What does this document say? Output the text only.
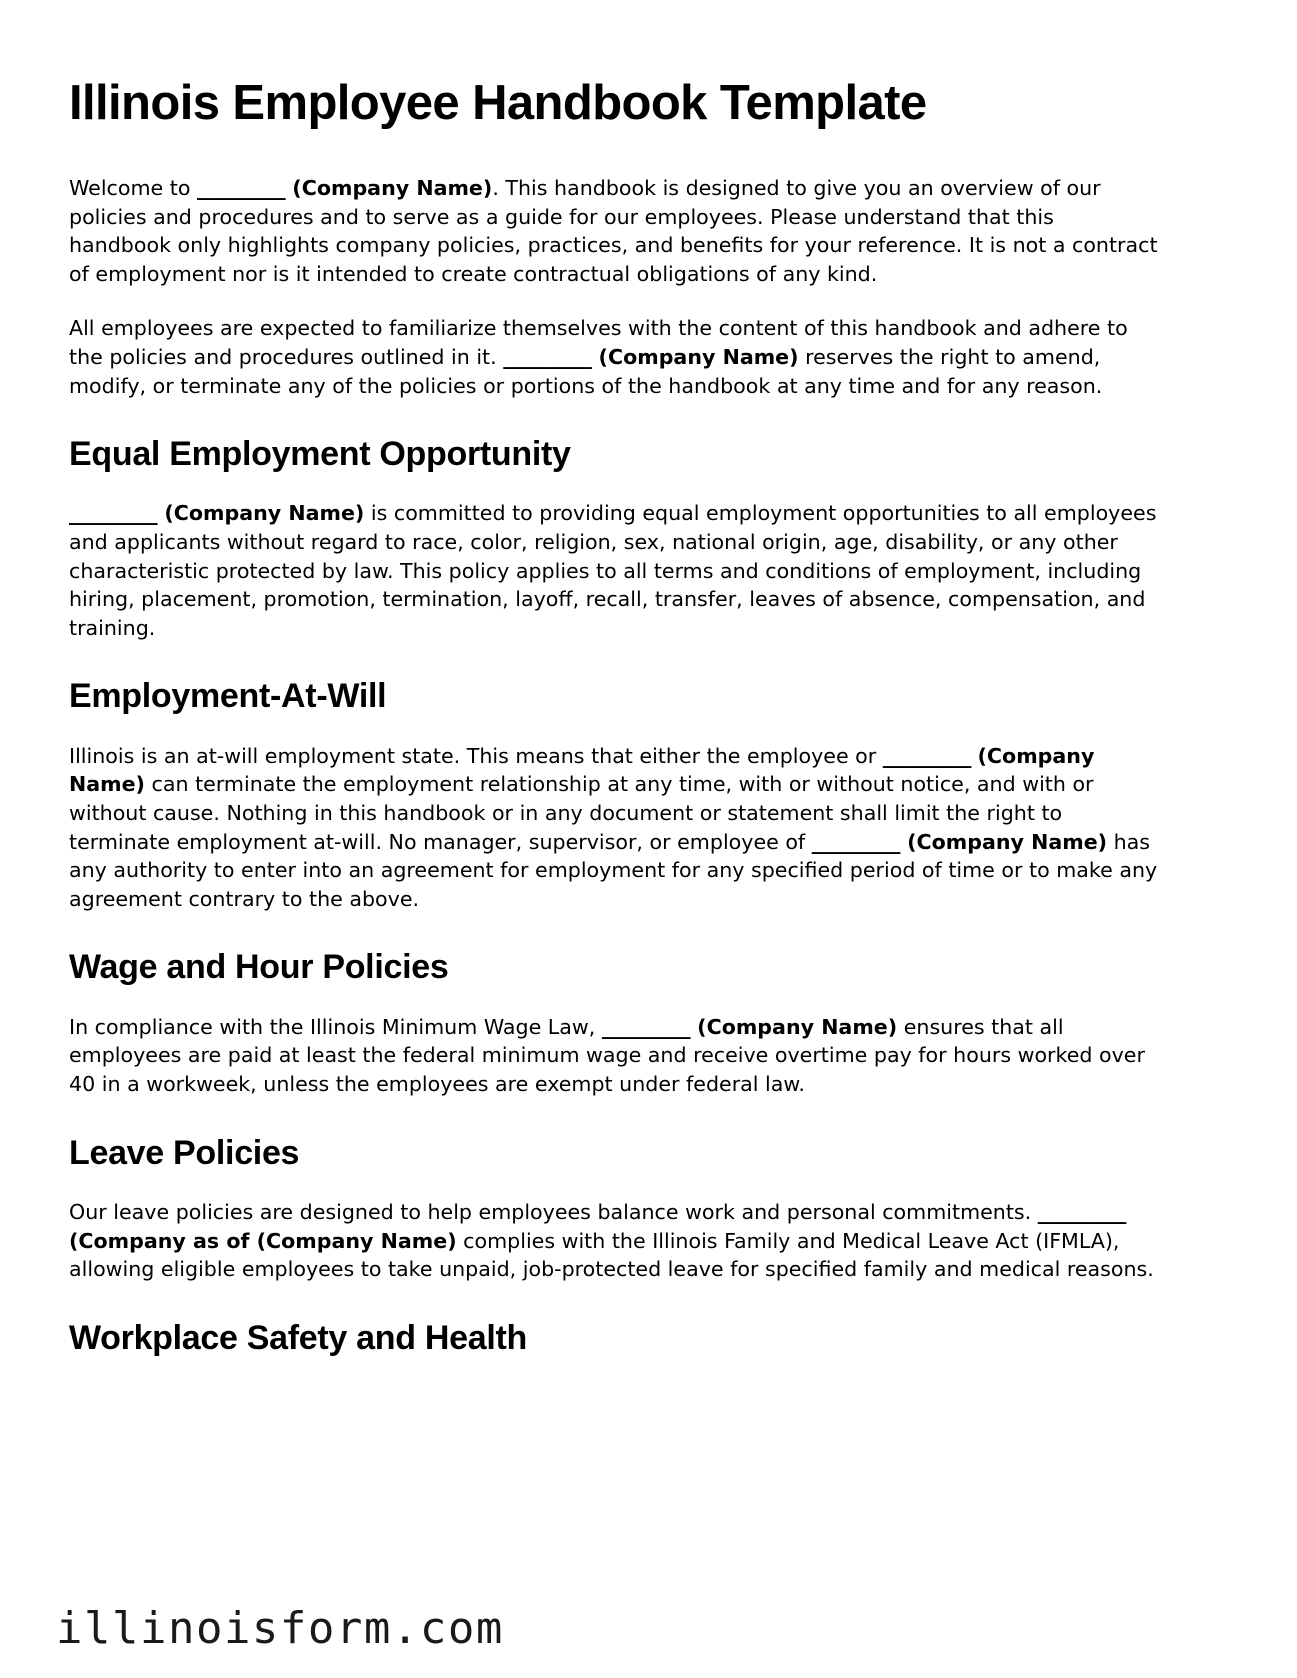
Illinois Employee Handbook Template

Welcome to _________ (Company Name). This handbook is designed to give you an overview of our policies and procedures and to serve as a guide for our employees. Please understand that this handbook only highlights company policies, practices, and benefits for your reference. It is not a contract of employment nor is it intended to create contractual obligations of any kind.

All employees are expected to familiarize themselves with the content of this handbook and adhere to the policies and procedures outlined in it. _________ (Company Name) reserves the right to amend, modify, or terminate any of the policies or portions of the handbook at any time and for any reason.

Equal Employment Opportunity

_________ (Company Name) is committed to providing equal employment opportunities to all employees and applicants without regard to race, color, religion, sex, national origin, age, disability, or any other characteristic protected by law. This policy applies to all terms and conditions of employment, including hiring, placement, promotion, termination, layoff, recall, transfer, leaves of absence, compensation, and training.

Employment-At-Will

Illinois is an at-will employment state. This means that either the employee or _________ (Company Name) can terminate the employment relationship at any time, with or without notice, and with or without cause. Nothing in this handbook or in any document or statement shall limit the right to terminate employment at-will. No manager, supervisor, or employee of _________ (Company Name) has any authority to enter into an agreement for employment for any specified period of time or to make any agreement contrary to the above.

Wage and Hour Policies

In compliance with the Illinois Minimum Wage Law, _________ (Company Name) ensures that all employees are paid at least the federal minimum wage and receive overtime pay for hours worked over 40 in a workweek, unless the employees are exempt under federal law.

Leave Policies

Our leave policies are designed to help employees balance work and personal commitments. _________ (Company as of (Company Name) complies with the Illinois Family and Medical Leave Act (IFMLA), allowing eligible employees to take unpaid, job-protected leave for specified family and medical reasons.

Workplace Safety and Health
illinoisform.com
